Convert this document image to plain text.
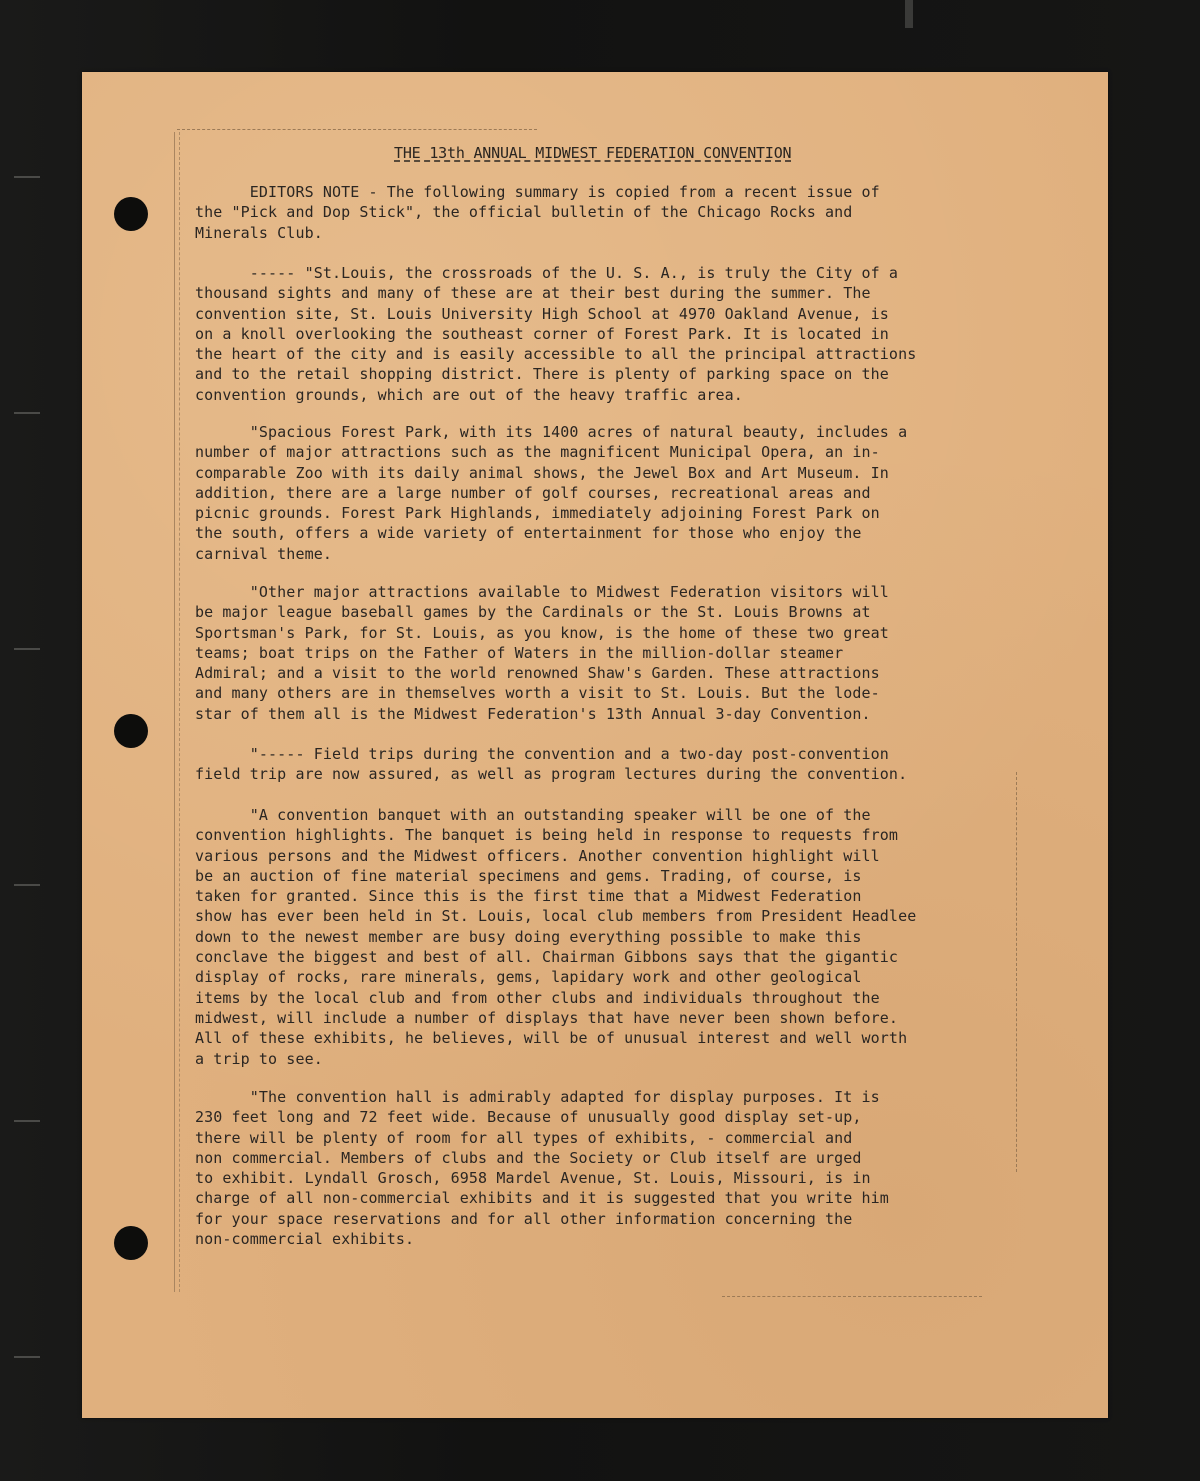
THE 13th ANNUAL MIDWEST FEDERATION CONVENTION
EDITORS NOTE - The following summary is copied from a recent issue of
the "Pick and Dop Stick", the official bulletin of the Chicago Rocks and
Minerals Club.
----- "St.Louis, the crossroads of the U. S. A., is truly the City of a
thousand sights and many of these are at their best during the summer. The
convention site, St. Louis University High School at 4970 Oakland Avenue, is
on a knoll overlooking the southeast corner of Forest Park. It is located in
the heart of the city and is easily accessible to all the principal attractions
and to the retail shopping district. There is plenty of parking space on the
convention grounds, which are out of the heavy traffic area.
"Spacious Forest Park, with its 1400 acres of natural beauty, includes a
number of major attractions such as the magnificent Municipal Opera, an in-
comparable Zoo with its daily animal shows, the Jewel Box and Art Museum. In
addition, there are a large number of golf courses, recreational areas and
picnic grounds. Forest Park Highlands, immediately adjoining Forest Park on
the south, offers a wide variety of entertainment for those who enjoy the
carnival theme.
"Other major attractions available to Midwest Federation visitors will
be major league baseball games by the Cardinals or the St. Louis Browns at
Sportsman's Park, for St. Louis, as you know, is the home of these two great
teams; boat trips on the Father of Waters in the million-dollar steamer
Admiral; and a visit to the world renowned Shaw's Garden. These attractions
and many others are in themselves worth a visit to St. Louis. But the lode-
star of them all is the Midwest Federation's 13th Annual 3-day Convention.
"----- Field trips during the convention and a two-day post-convention
field trip are now assured, as well as program lectures during the convention.
"A convention banquet with an outstanding speaker will be one of the
convention highlights. The banquet is being held in response to requests from
various persons and the Midwest officers. Another convention highlight will
be an auction of fine material specimens and gems. Trading, of course, is
taken for granted. Since this is the first time that a Midwest Federation
show has ever been held in St. Louis, local club members from President Headlee
down to the newest member are busy doing everything possible to make this
conclave the biggest and best of all. Chairman Gibbons says that the gigantic
display of rocks, rare minerals, gems, lapidary work and other geological
items by the local club and from other clubs and individuals throughout the
midwest, will include a number of displays that have never been shown before.
All of these exhibits, he believes, will be of unusual interest and well worth
a trip to see.
"The convention hall is admirably adapted for display purposes. It is
230 feet long and 72 feet wide. Because of unusually good display set-up,
there will be plenty of room for all types of exhibits, - commercial and
non commercial. Members of clubs and the Society or Club itself are urged
to exhibit. Lyndall Grosch, 6958 Mardel Avenue, St. Louis, Missouri, is in
charge of all non-commercial exhibits and it is suggested that you write him
for your space reservations and for all other information concerning the
non-commercial exhibits.
